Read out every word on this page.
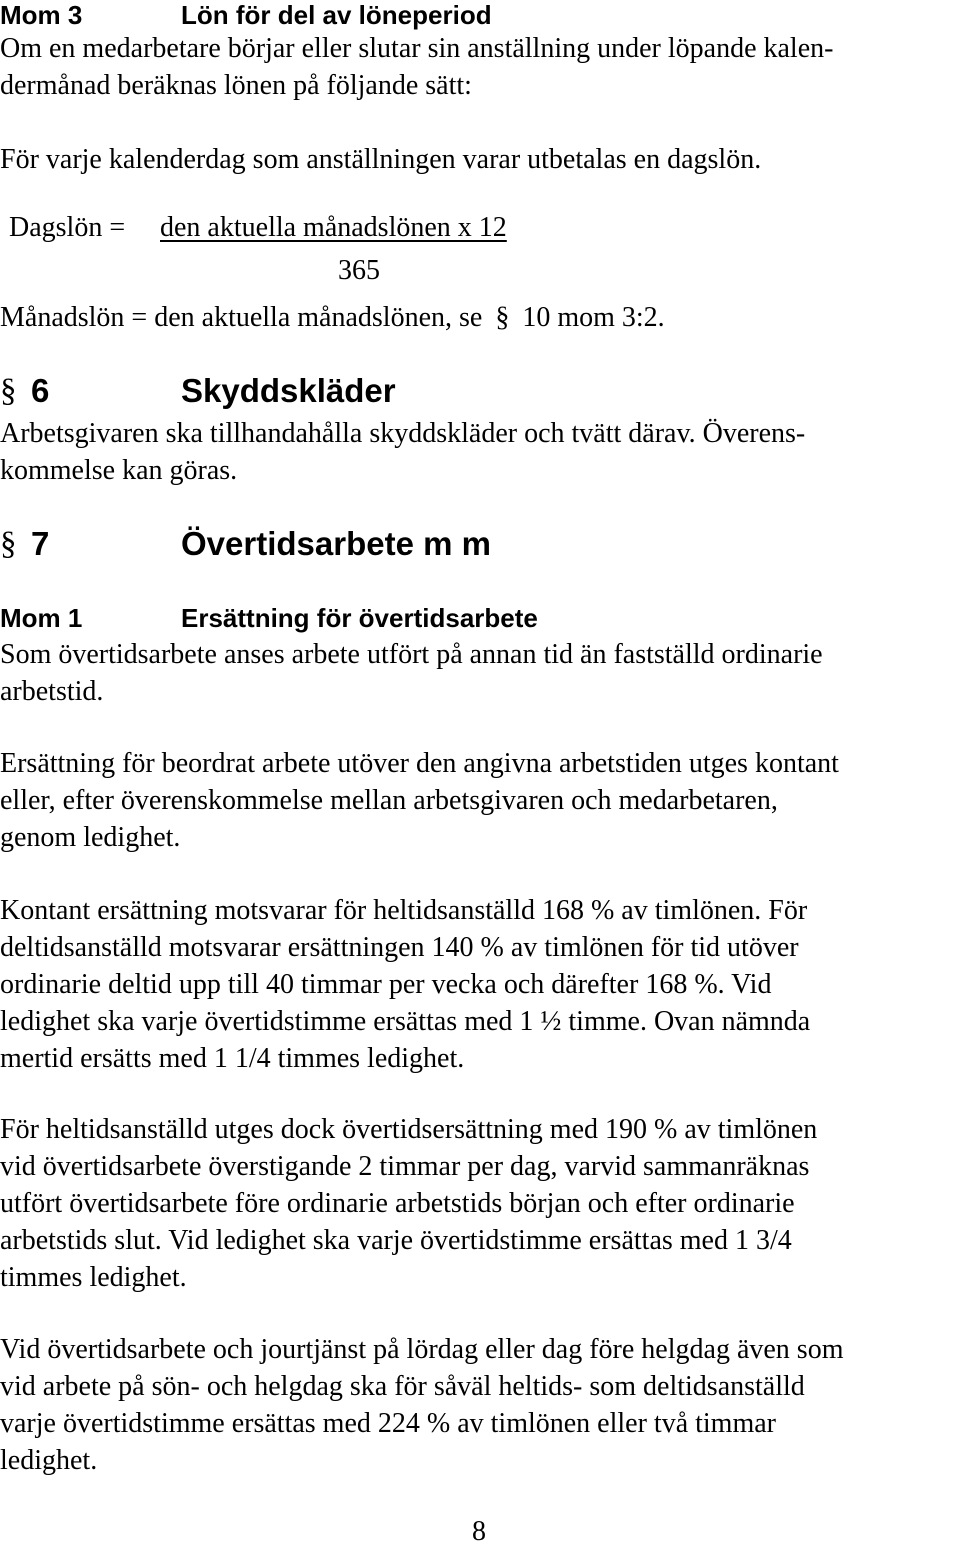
Mom 3	Lön för del av löneperiod
Om en medarbetare börjar eller slutar sin anställning under löpande kalen-
dermånad beräknas lönen på följande sätt:
För varje kalenderdag som anställningen varar utbetalas en dagslön.
Dagslön = den aktuella månadslönen x 12
365
Månadslön = den aktuella månadslönen, se § 10 mom 3:2.
§ 6	Skyddskläder
Arbetsgivaren ska tillhandahålla skyddskläder och tvätt därav. Överens-
kommelse kan göras.
§ 7	Övertidsarbete m m
Mom 1	Ersättning för övertidsarbete
Som övertidsarbete anses arbete utfört på annan tid än fastställd ordinarie
arbetstid.
Ersättning för beordrat arbete utöver den angivna arbetstiden utges kontant
eller, efter överenskommelse mellan arbetsgivaren och medarbetaren,
genom ledighet.
Kontant ersättning motsvarar för heltidsanställd 168 % av timlönen. För
deltidsanställd motsvarar ersättningen 140 % av timlönen för tid utöver
ordinarie deltid upp till 40 timmar per vecka och därefter 168 %. Vid
ledighet ska varje övertidstimme ersättas med 1 ½ timme. Ovan nämnda
mertid ersätts med 1 1/4 timmes ledighet.
För heltidsanställd utges dock övertidsersättning med 190 % av timlönen
vid övertidsarbete överstigande 2 timmar per dag, varvid sammanräknas
utfört övertidsarbete före ordinarie arbetstids början och efter ordinarie
arbetstids slut. Vid ledighet ska varje övertidstimme ersättas med 1 3/4
timmes ledighet.
Vid övertidsarbete och jourtjänst på lördag eller dag före helgdag även som
vid arbete på sön- och helgdag ska för såväl heltids- som deltidsanställd
varje övertidstimme ersättas med 224 % av timlönen eller två timmar
ledighet.
8
